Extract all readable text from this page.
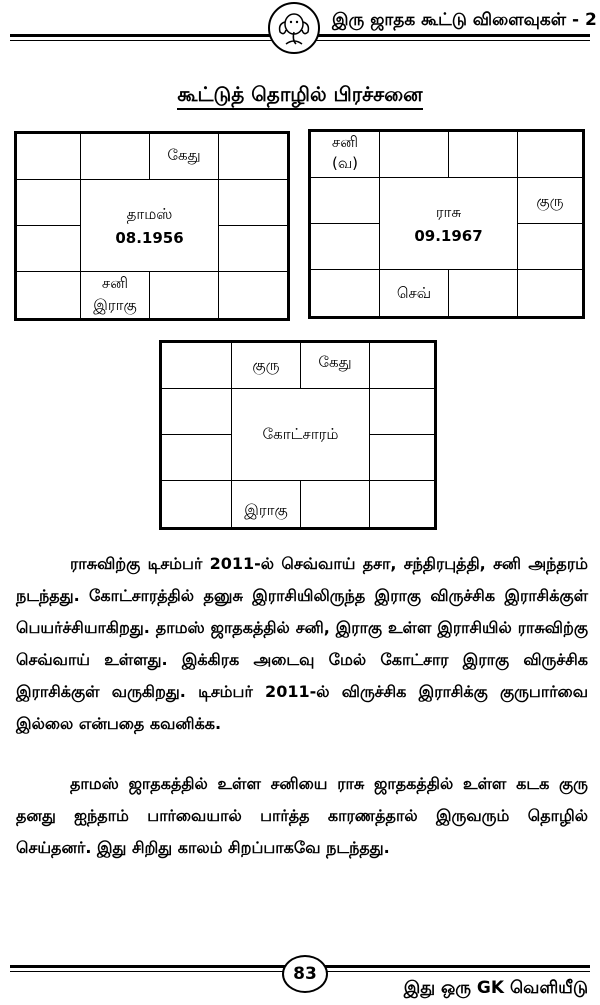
இரு ஜாதக கூட்டு விளைவுகள் - 2
கூட்டுத் தொழில் பிரச்சனை
தாமஸ்
08.1956
கேது
சனி
இராகு
ராசு
09.1967
சனி
(வ)
குரு
செவ்
கோட்சாரம்
குரு	கேது
இராகு
ராசுவிற்கு டிசம்பர் 2011-ல் செவ்வாய் தசா, சந்திரபுத்தி, சனி அந்தரம் நடந்தது. கோட்சாரத்தில் தனுசு இராசியிலிருந்த இராகு விருச்சிக இராசிக்குள் பெயர்ச்சியாகிறது. தாமஸ் ஜாதகத்தில் சனி, இராகு உள்ள இராசியில் ராசுவிற்கு செவ்வாய் உள்ளது. இக்கிரக அடைவு மேல் கோட்சார இராகு விருச்சிக இராசிக்குள் வருகிறது. டிசம்பர் 2011-ல் விருச்சிக இராசிக்கு குருபார்வை இல்லை என்பதை கவனிக்க.
தாமஸ் ஜாதகத்தில் உள்ள சனியை ராசு ஜாதகத்தில் உள்ள கடக குரு தனது ஐந்தாம் பார்வையால் பார்த்த காரணத்தால் இருவரும் தொழில் செய்தனர். இது சிறிது காலம் சிறப்பாகவே நடந்தது.
83
இது ஒரு GK வெளியீடு
